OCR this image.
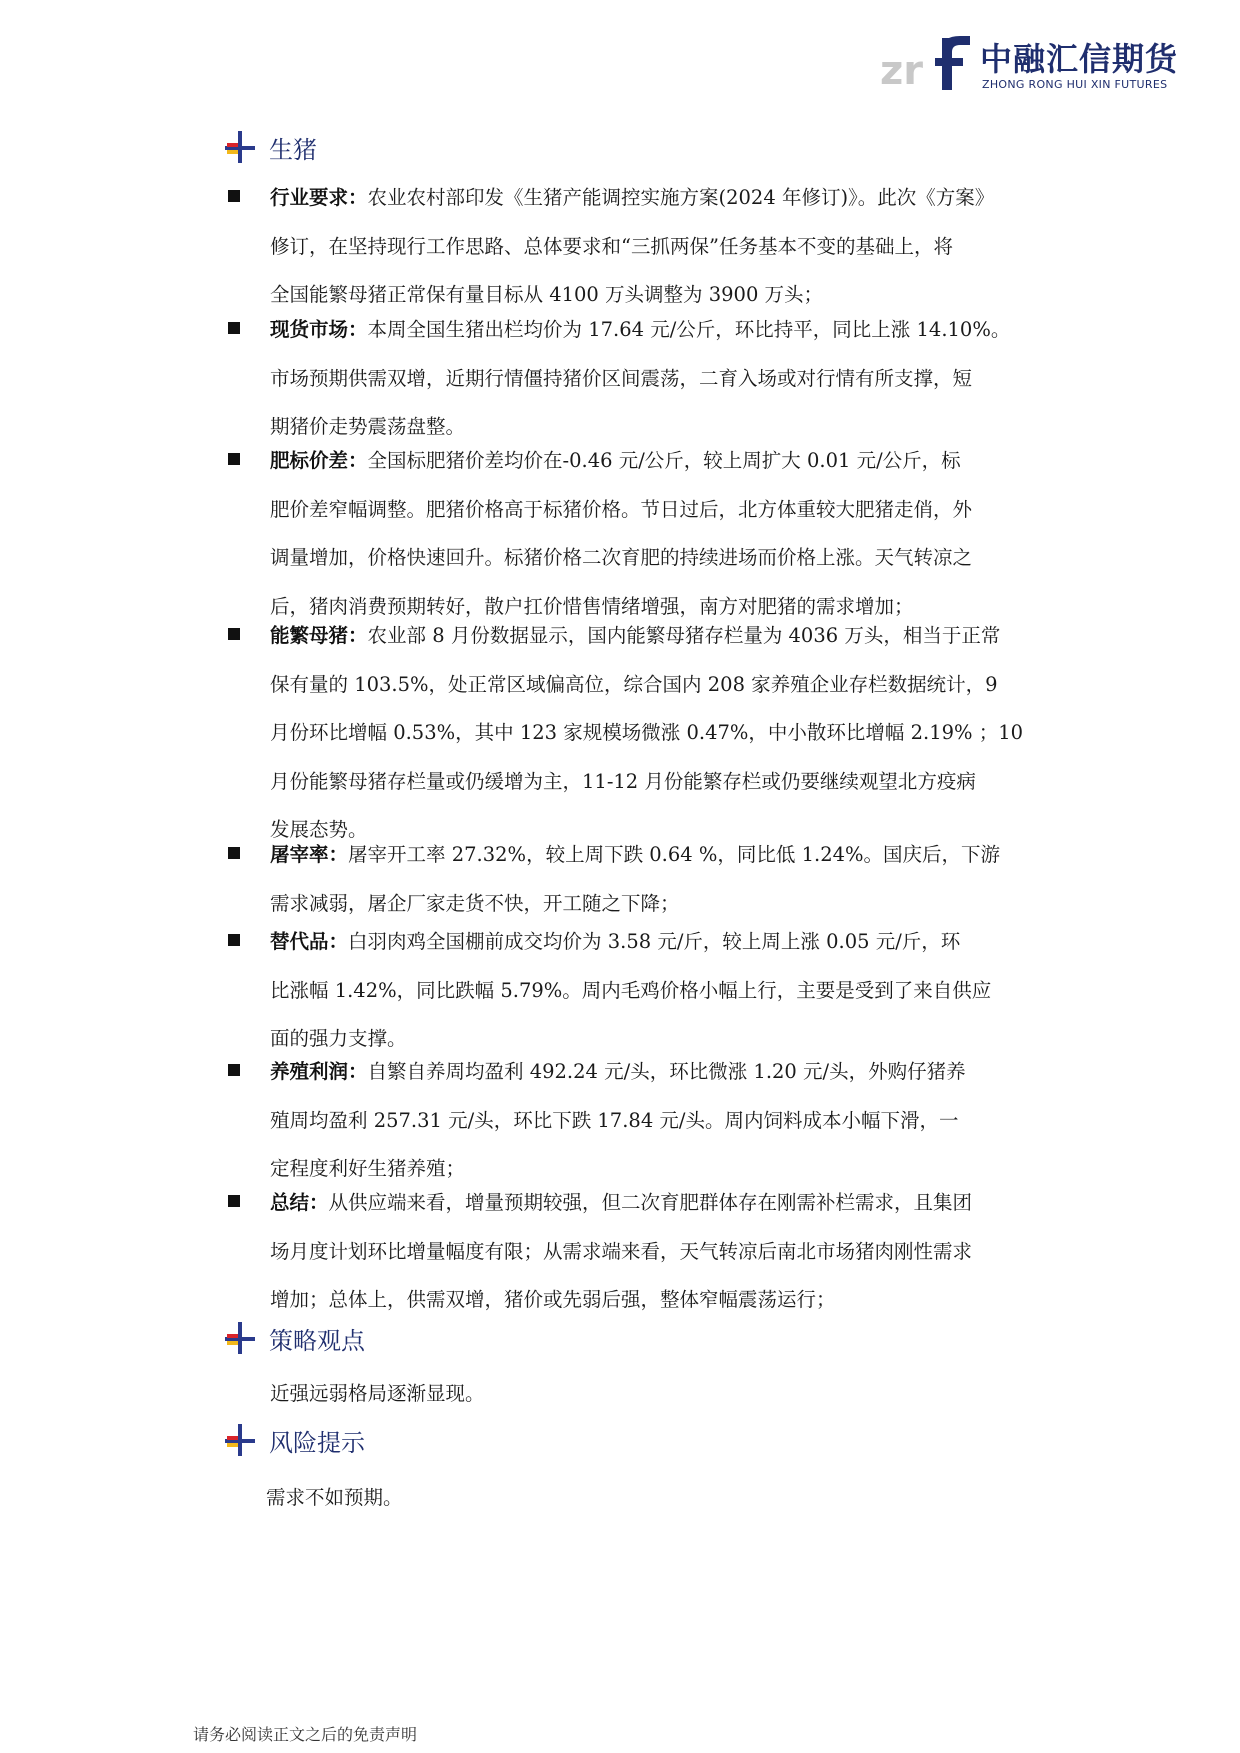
zr 中融汇信期货
ZHONG RONG HUI XIN FUTURES
生猪
行业要求：农业农村部印发《生猪产能调控实施方案(2024 年修订)》。此次《方案》
修订，在坚持现行工作思路、总体要求和“三抓两保”任务基本不变的基础上，将
全国能繁母猪正常保有量目标从 4100 万头调整为 3900 万头；
现货市场：本周全国生猪出栏均价为 17.64 元/公斤，环比持平，同比上涨 14.10%。
市场预期供需双增，近期行情僵持猪价区间震荡，二育入场或对行情有所支撑，短
期猪价走势震荡盘整。
肥标价差：全国标肥猪价差均价在-0.46 元/公斤，较上周扩大 0.01 元/公斤，标
肥价差窄幅调整。肥猪价格高于标猪价格。节日过后，北方体重较大肥猪走俏，外
调量增加，价格快速回升。标猪价格二次育肥的持续进场而价格上涨。天气转凉之
后，猪肉消费预期转好，散户扛价惜售情绪增强，南方对肥猪的需求增加；
能繁母猪：农业部 8 月份数据显示，国内能繁母猪存栏量为 4036 万头，相当于正常
保有量的 103.5%，处正常区域偏高位，综合国内 208 家养殖企业存栏数据统计，9
月份环比增幅 0.53%，其中 123 家规模场微涨 0.47%，中小散环比增幅 2.19% ；10
月份能繁母猪存栏量或仍缓增为主，11-12 月份能繁存栏或仍要继续观望北方疫病
发展态势。
屠宰率：屠宰开工率 27.32%，较上周下跌 0.64 %，同比低 1.24%。国庆后，下游
需求减弱，屠企厂家走货不快，开工随之下降；
替代品：白羽肉鸡全国棚前成交均价为 3.58 元/斤，较上周上涨 0.05 元/斤，环
比涨幅 1.42%，同比跌幅 5.79%。周内毛鸡价格小幅上行，主要是受到了来自供应
面的强力支撑。
养殖利润：自繁自养周均盈利 492.24 元/头，环比微涨 1.20 元/头，外购仔猪养
殖周均盈利 257.31 元/头，环比下跌 17.84 元/头。周内饲料成本小幅下滑，一
定程度利好生猪养殖；
总结：从供应端来看，增量预期较强，但二次育肥群体存在刚需补栏需求，且集团
场月度计划环比增量幅度有限；从需求端来看，天气转凉后南北市场猪肉刚性需求
增加；总体上，供需双增，猪价或先弱后强，整体窄幅震荡运行；
策略观点
近强远弱格局逐渐显现。
风险提示
需求不如预期。
请务必阅读正文之后的免责声明
